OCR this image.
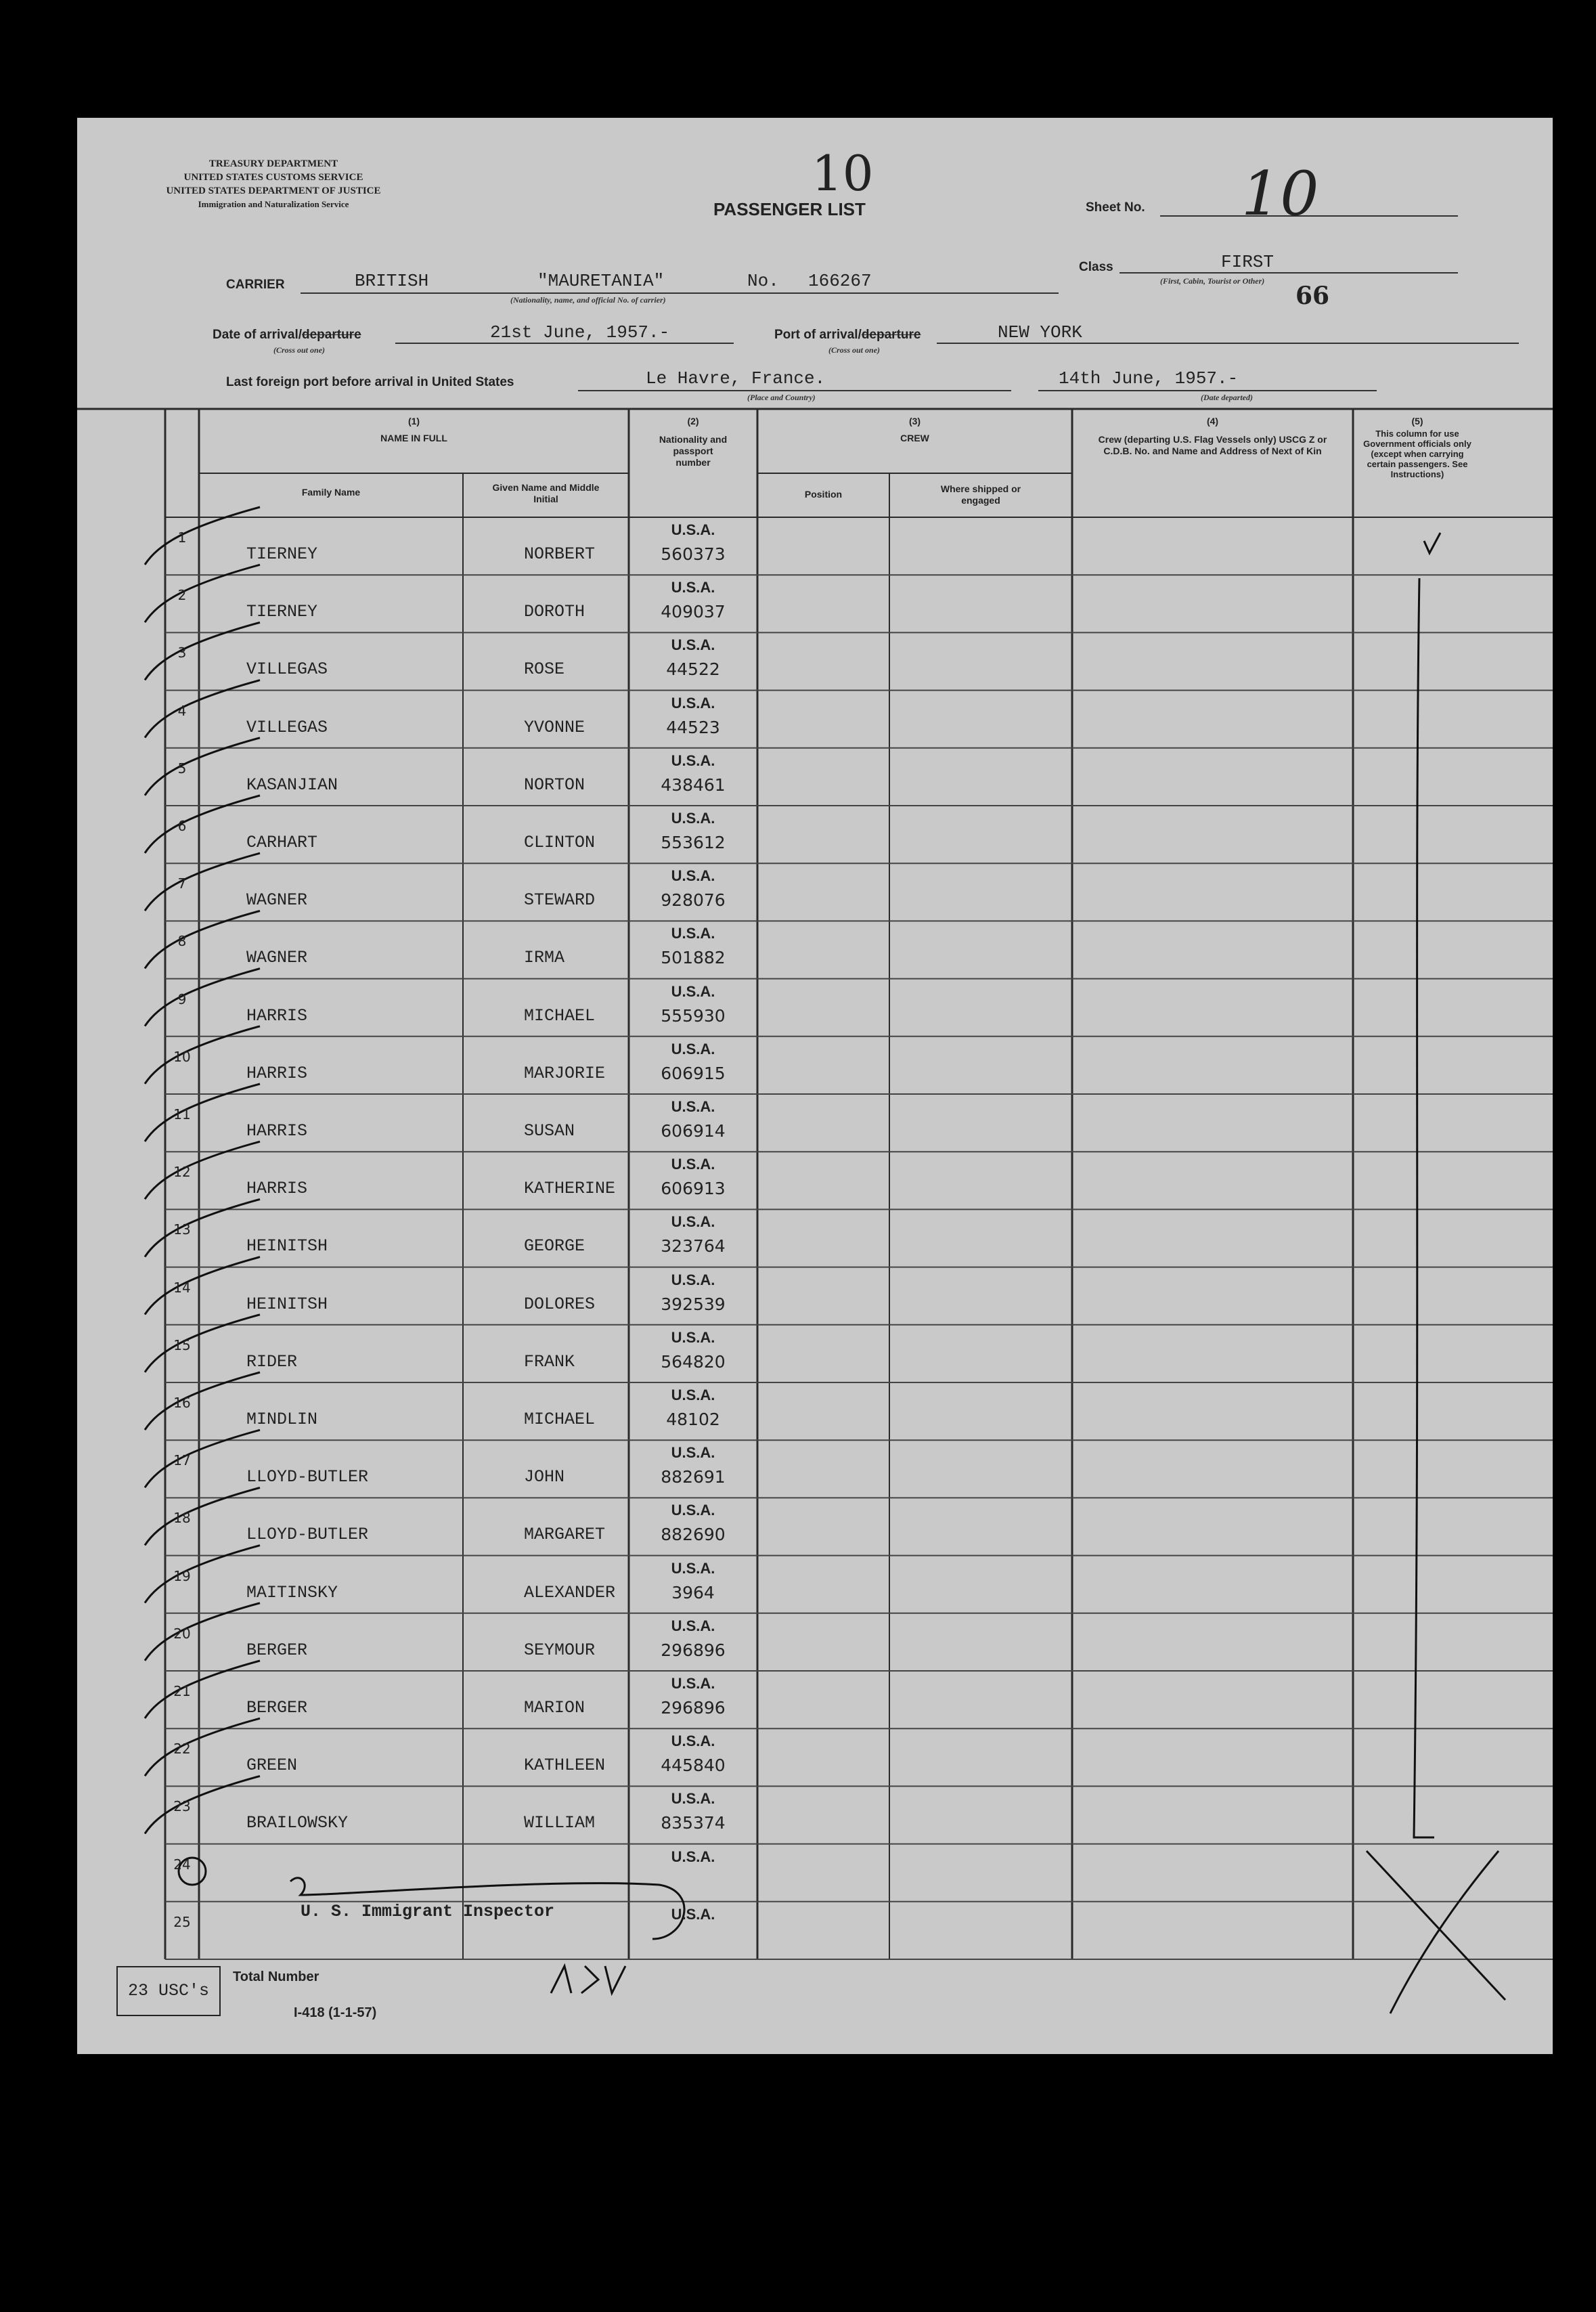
TREASURY DEPARTMENT
UNITED STATES CUSTOMS SERVICE
UNITED STATES DEPARTMENT OF JUSTICE
Immigration and Naturalization Service
10
PASSENGER LIST	Sheet No. 10
CARRIER	BRITISH	"MAURETANIA"	No. 166267
(Nationality, name, and official No. of carrier)
Class	FIRST
(First, Cabin, Tourist or Other)
66
Date of arrival/departure	21st June, 1957.-
(Cross out one)
Port of arrival/departure	NEW YORK
(Cross out one)
Last foreign port before arrival in United States	Le Havre, France.
(Place and Country)
14th June, 1957.-
(Date departed)
(1)
NAME IN FULL
Family Name	Given Name and Middle Initial
(2)
Nationality and passport number
(3)
CREW
Position	Where shipped or engaged
(4)
Crew (departing U.S. Flag Vessels only) USCG Z or C.D.B. No. and Name and Address of Next of Kin
(5)
This column for use Government officials only (except when carrying certain passengers. See Instructions)
1
TIERNEY	NORBERT
U.S.A.
560373
2
TIERNEY	DOROTH
U.S.A.
409037
3
VILLEGAS	ROSE
U.S.A.
44522
4
VILLEGAS	YVONNE
U.S.A.
44523
5
KASANJIAN	NORTON
U.S.A.
438461
6
CARHART	CLINTON
U.S.A.
553612
7
WAGNER	STEWARD
U.S.A.
928076
8
WAGNER	IRMA
U.S.A.
501882
9
HARRIS	MICHAEL
U.S.A.
555930
10
HARRIS	MARJORIE
U.S.A.
606915
11
HARRIS	SUSAN
U.S.A.
606914
12
HARRIS	KATHERINE
U.S.A.
606913
13
HEINITSH	GEORGE
U.S.A.
323764
14
HEINITSH	DOLORES
U.S.A.
392539
15
RIDER	FRANK
U.S.A.
564820
16
MINDLIN	MICHAEL
U.S.A.
48102
17
LLOYD-BUTLER	JOHN
U.S.A.
882691
18
LLOYD-BUTLER	MARGARET
U.S.A.
882690
19
MAITINSKY	ALEXANDER
U.S.A.
3964
20
BERGER	SEYMOUR
U.S.A.
296896
21
BERGER	MARION
U.S.A.
296896
22
GREEN	KATHLEEN
U.S.A.
445840
23
BRAILOWSKY	WILLIAM
U.S.A.
835374
24	U.S.A.
25	U.S.A.
U. S. Immigrant Inspector
23 USC's
Total Number
I-418 (1-1-57)
